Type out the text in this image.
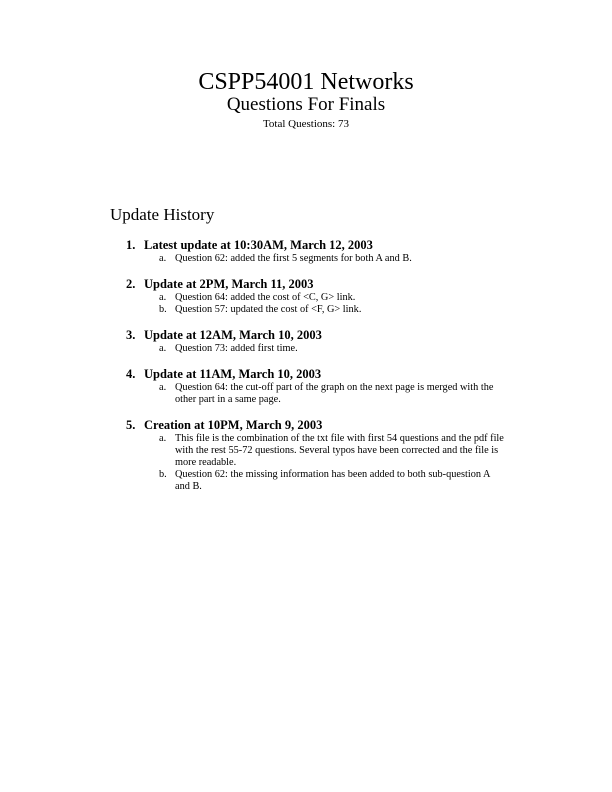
CSPP54001 Networks
Questions For Finals
Total Questions: 73
Update History
1. Latest update at 10:30AM, March 12, 2003
a. Question 62: added the first 5 segments for both A and B.
2. Update at 2PM, March 11, 2003
a. Question 64: added the cost of <C, G> link.
b. Question 57: updated the cost of <F, G> link.
3. Update at 12AM, March 10, 2003
a. Question 73: added first time.
4. Update at 11AM, March 10, 2003
a. Question 64: the cut-off part of the graph on the next page is merged with the other part in a same page.
5. Creation at 10PM, March 9, 2003
a. This file is the combination of the txt file with first 54 questions and the pdf file with the rest 55-72 questions. Several typos have been corrected and the file is more readable.
b. Question 62: the missing information has been added to both sub-question A and B.
